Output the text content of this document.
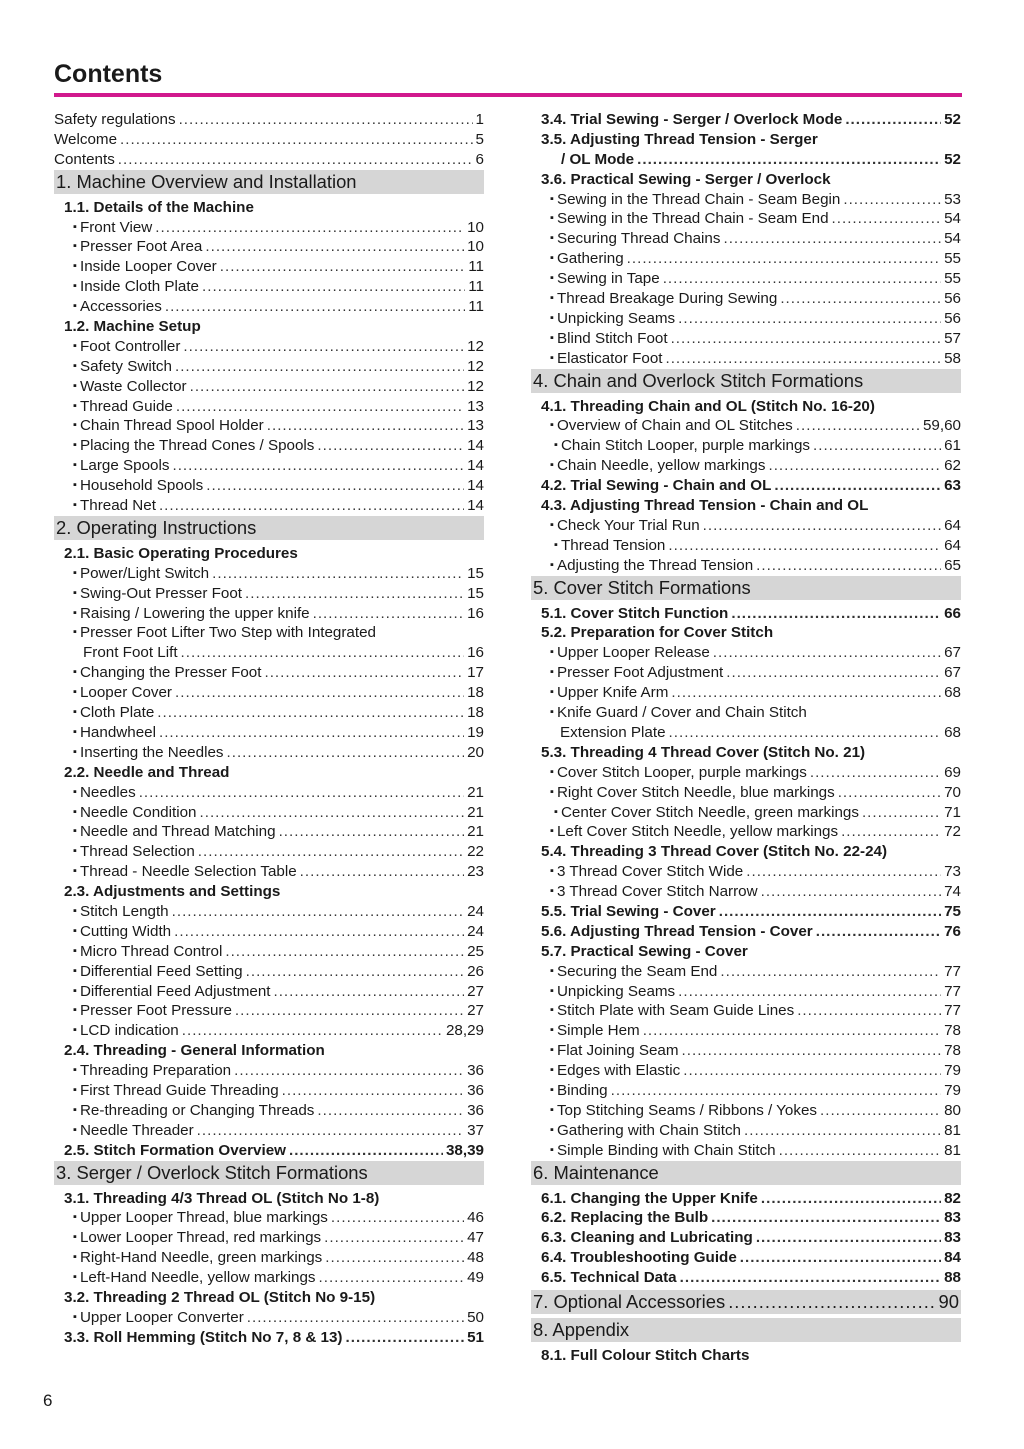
Contents
Safety regulations .....	1
Welcome .....	5
Contents .....	6
1. Machine Overview and Installation
1.1. Details of the Machine
▪ Front View .....	10
▪ Presser Foot Area .....	10
▪ Inside Looper Cover .....	11
▪ Inside Cloth Plate .....	11
▪ Accessories .....	11
1.2. Machine Setup
▪ Foot Controller .....	12
▪ Safety Switch .....	12
▪ Waste Collector .....	12
▪ Thread Guide .....	13
▪ Chain Thread Spool Holder .....	13
▪ Placing the Thread Cones / Spools .....	14
▪ Large Spools .....	14
▪ Household Spools .....	14
▪ Thread Net .....	14
2. Operating Instructions
2.1. Basic Operating Procedures
▪ Power/Light Switch .....	15
▪ Swing-Out Presser Foot .....	15
▪ Raising / Lowering the upper knife .....	16
▪ Presser Foot Lifter Two Step with Integrated
Front Foot Lift .....	16
▪ Changing the Presser Foot .....	17
▪ Looper Cover .....	18
▪ Cloth Plate .....	18
▪ Handwheel .....	19
▪ Inserting the Needles .....	20
2.2. Needle and Thread
▪ Needles .....	21
▪ Needle Condition .....	21
▪ Needle and Thread Matching .....	21
▪ Thread Selection .....	22
▪ Thread - Needle Selection Table .....	23
2.3. Adjustments and Settings
▪ Stitch Length .....	24
▪ Cutting Width .....	24
▪ Micro Thread Control .....	25
▪ Differential Feed Setting .....	26
▪ Differential Feed Adjustment .....	27
▪ Presser Foot Pressure .....	27
▪ LCD indication .....	28,29
2.4. Threading - General Information
▪ Threading Preparation .....	36
▪ First Thread Guide Threading .....	36
▪ Re-threading or Changing Threads .....	36
▪ Needle Threader .....	37
2.5. Stitch Formation Overview .....	38,39
3. Serger / Overlock Stitch Formations
3.1. Threading 4/3 Thread OL (Stitch No 1-8)
▪ Upper Looper Thread, blue markings .....	46
▪ Lower Looper Thread, red markings .....	47
▪ Right-Hand Needle, green markings .....	48
▪ Left-Hand Needle, yellow markings .....	49
3.2. Threading 2 Thread OL (Stitch No 9-15)
▪ Upper Looper Converter .....	50
3.3. Roll Hemming (Stitch No 7, 8 & 13) .....	51
3.4. Trial Sewing - Serger / Overlock Mode .....	52
3.5. Adjusting Thread Tension - Serger
/ OL Mode .....	52
3.6. Practical Sewing - Serger / Overlock
▪ Sewing in the Thread Chain - Seam Begin .....	53
▪ Sewing in the Thread Chain - Seam End .....	54
▪ Securing Thread Chains .....	54
▪ Gathering .....	55
▪ Sewing in Tape .....	55
▪ Thread Breakage During Sewing .....	56
▪ Unpicking Seams .....	56
▪ Blind Stitch Foot .....	57
▪ Elasticator Foot .....	58
4. Chain and Overlock Stitch Formations
4.1. Threading Chain and OL (Stitch No. 16-20)
▪ Overview of Chain and OL Stitches .....	59,60
▪ Chain Stitch Looper, purple markings .....	61
▪ Chain Needle, yellow markings .....	62
4.2. Trial Sewing - Chain and OL .....	63
4.3. Adjusting Thread Tension - Chain and OL
▪ Check Your Trial Run .....	64
▪ Thread Tension .....	64
▪ Adjusting the Thread Tension .....	65
5. Cover Stitch Formations
5.1. Cover Stitch Function .....	66
5.2. Preparation for Cover Stitch
▪ Upper Looper Release .....	67
▪ Presser Foot Adjustment .....	67
▪ Upper Knife Arm .....	68
▪ Knife Guard / Cover and Chain Stitch
Extension Plate .....	68
5.3. Threading 4 Thread Cover (Stitch No. 21)
▪ Cover Stitch Looper, purple markings .....	69
▪ Right Cover Stitch Needle, blue markings .....	70
▪ Center Cover Stitch Needle, green markings .....	71
▪ Left Cover Stitch Needle, yellow markings .....	72
5.4. Threading 3 Thread Cover (Stitch No. 22-24)
▪ 3 Thread Cover Stitch Wide .....	73
▪ 3 Thread Cover Stitch Narrow .....	74
5.5. Trial Sewing - Cover .....	75
5.6. Adjusting Thread Tension - Cover .....	76
5.7. Practical Sewing - Cover
▪ Securing the Seam End .....	77
▪ Unpicking Seams .....	77
▪ Stitch Plate with Seam Guide Lines .....	77
▪ Simple Hem .....	78
▪ Flat Joining Seam .....	78
▪ Edges with Elastic .....	79
▪ Binding .....	79
▪ Top Stitching Seams / Ribbons / Yokes .....	80
▪ Gathering with Chain Stitch .....	81
▪ Simple Binding with Chain Stitch .....	81
6. Maintenance
6.1. Changing the Upper Knife .....	82
6.2. Replacing the Bulb .....	83
6.3. Cleaning and Lubricating .....	83
6.4. Troubleshooting Guide .....	84
6.5. Technical Data .....	88
7. Optional Accessories .....	90
8. Appendix
8.1. Full Colour Stitch Charts
6
